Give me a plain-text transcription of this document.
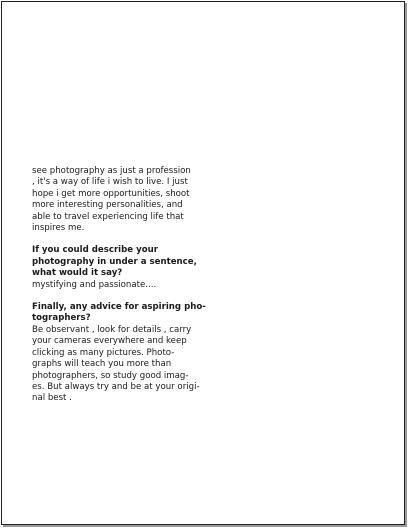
see photography as just a profession
, it's a way of life i wish to live. I just
hope i get more opportunities, shoot
more interesting personalities, and
able to travel experiencing life that
inspires me.

If you could describe your
photography in under a sentence,
what would it say?

mystifying and passionate....

Finally, any advice for aspiring pho-
tographers?

Be observant , look for details , carry
your cameras everywhere and keep
clicking as many pictures. Photo-
graphs will teach you more than
photographers, so study good imag-
es. But always try and be at your origi-
nal best .
